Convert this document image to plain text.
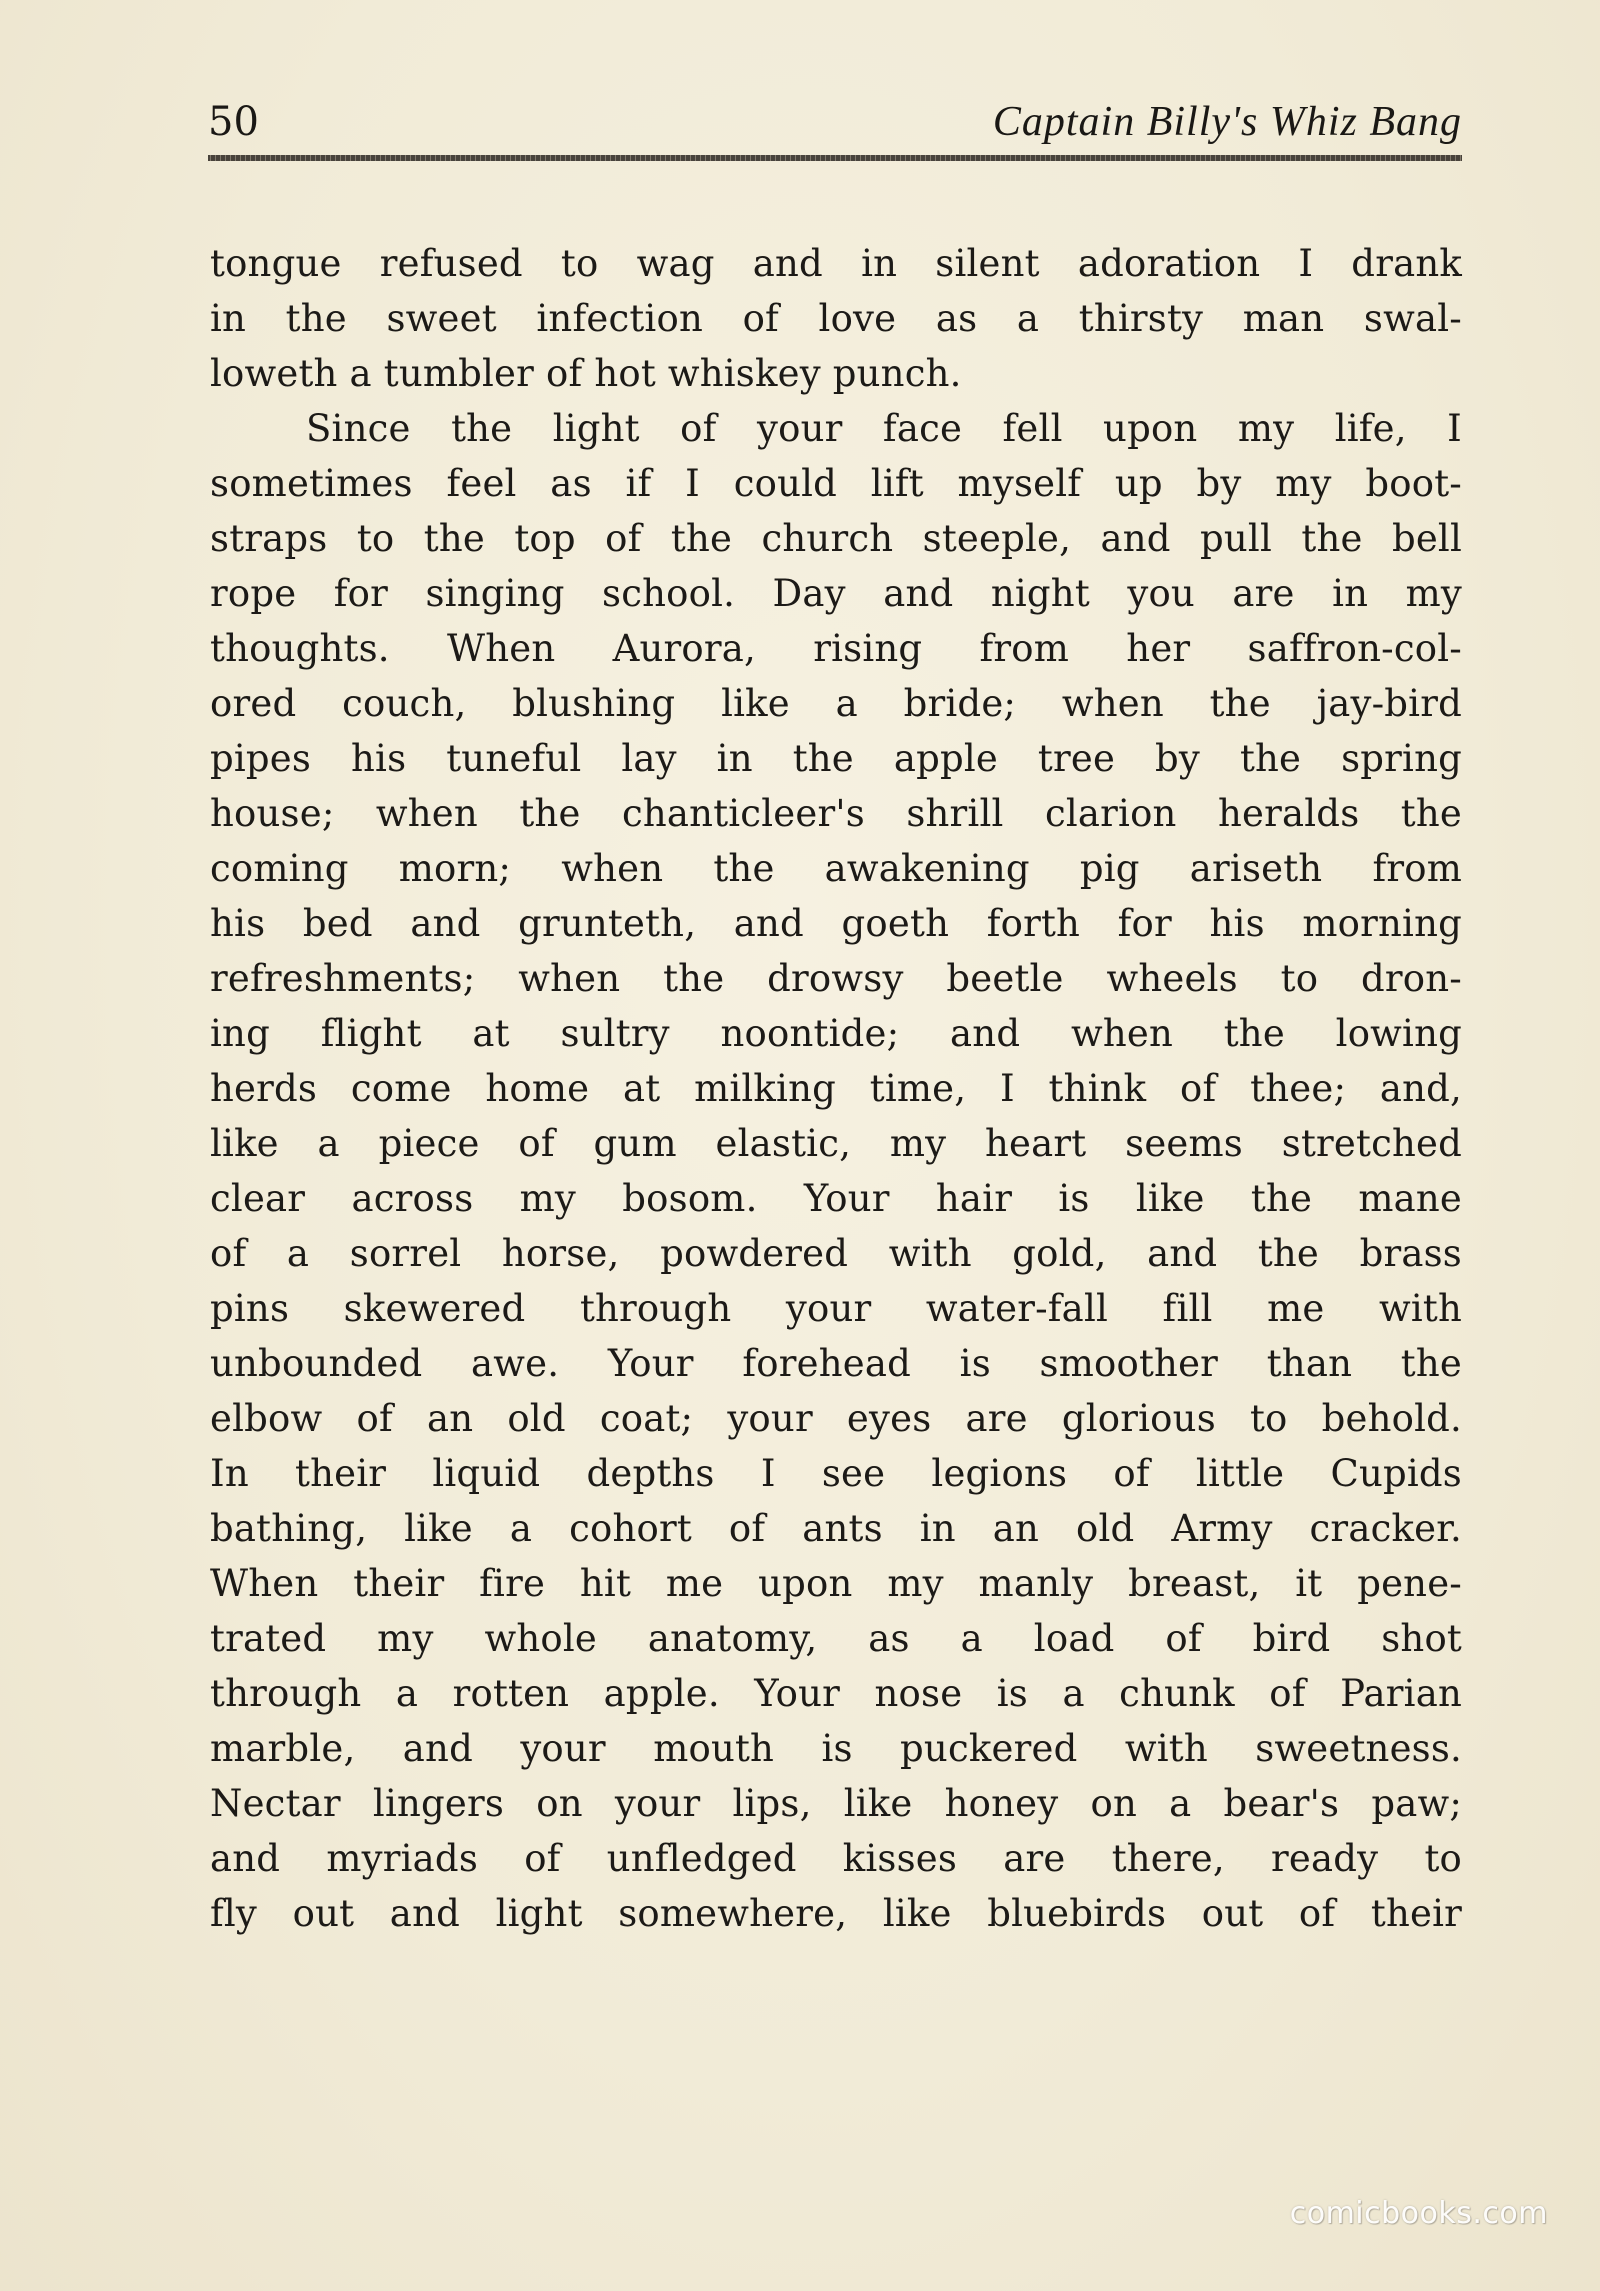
50	Captain Billy's Whiz Bang
tongue refused to wag and in silent adoration I drank
in the sweet infection of love as a thirsty man swal-
loweth a tumbler of hot whiskey punch.
Since the light of your face fell upon my life, I
sometimes feel as if I could lift myself up by my boot-
straps to the top of the church steeple, and pull the bell
rope for singing school. Day and night you are in my
thoughts. When Aurora, rising from her saffron-col-
ored couch, blushing like a bride; when the jay-bird
pipes his tuneful lay in the apple tree by the spring
house; when the chanticleer's shrill clarion heralds the
coming morn; when the awakening pig ariseth from
his bed and grunteth, and goeth forth for his morning
refreshments; when the drowsy beetle wheels to dron-
ing flight at sultry noontide; and when the lowing
herds come home at milking time, I think of thee; and,
like a piece of gum elastic, my heart seems stretched
clear across my bosom. Your hair is like the mane
of a sorrel horse, powdered with gold, and the brass
pins skewered through your water-fall fill me with
unbounded awe. Your forehead is smoother than the
elbow of an old coat; your eyes are glorious to behold.
In their liquid depths I see legions of little Cupids
bathing, like a cohort of ants in an old Army cracker.
When their fire hit me upon my manly breast, it pene-
trated my whole anatomy, as a load of bird shot
through a rotten apple. Your nose is a chunk of Parian
marble, and your mouth is puckered with sweetness.
Nectar lingers on your lips, like honey on a bear's paw;
and myriads of unfledged kisses are there, ready to
fly out and light somewhere, like bluebirds out of their
comicbooks.com
